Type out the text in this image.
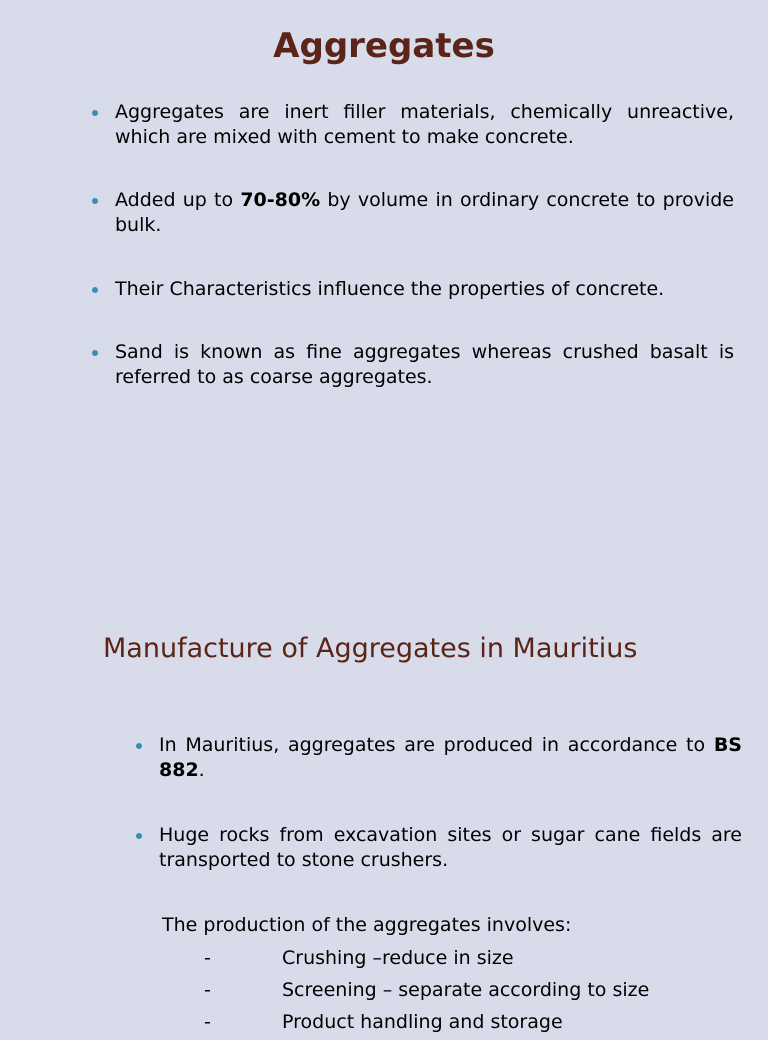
Aggregates
Aggregates are inert filler materials, chemically unreactive, which are mixed with cement to make concrete.
Added up to 70-80% by volume in ordinary concrete to provide bulk.
Their Characteristics influence the properties of concrete.
Sand is known as fine aggregates whereas crushed basalt is referred to as coarse aggregates.
Manufacture of Aggregates in Mauritius
In Mauritius, aggregates are produced in accordance to BS 882.
Huge rocks from excavation sites or sugar cane fields are transported to stone crushers.
The production of the aggregates involves:
-	Crushing –reduce in size
-	Screening – separate according to size
-	Product handling and storage
